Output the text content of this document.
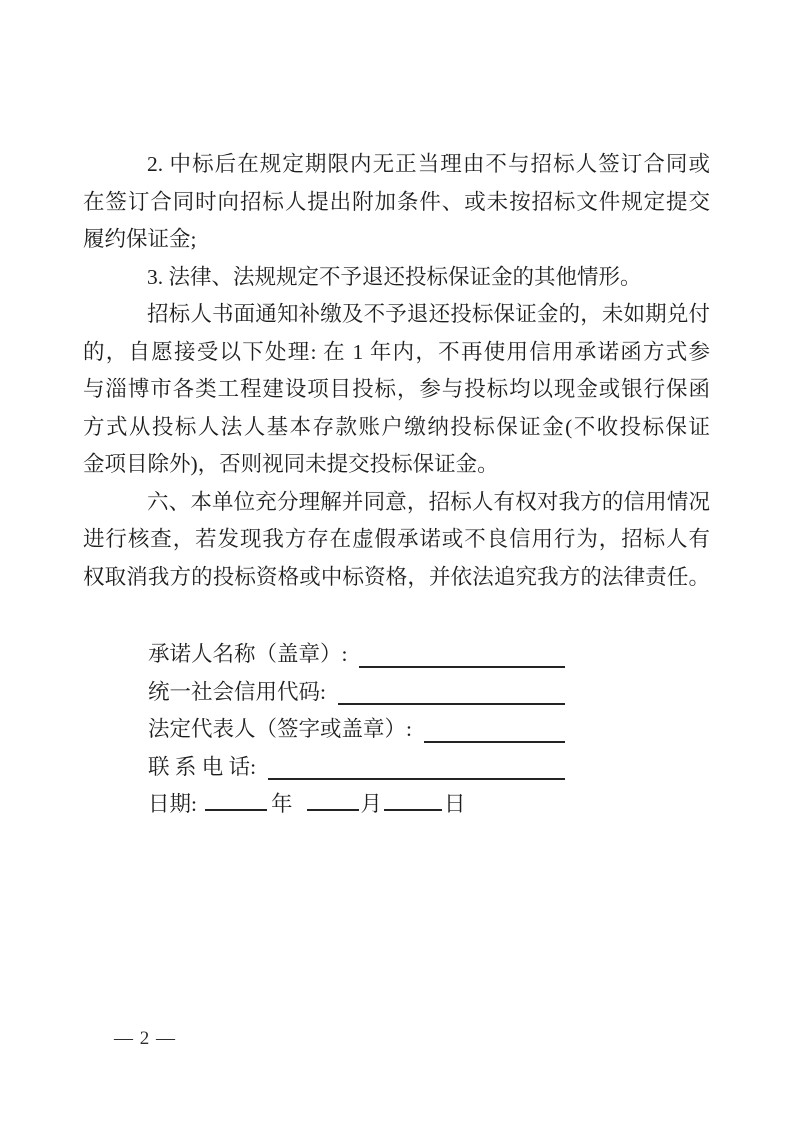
2. 中标后在规定期限内无正当理由不与招标人签订合同或
在签订合同时向招标人提出附加条件、或未按招标文件规定提交
履约保证金;
3. 法律、法规规定不予退还投标保证金的其他情形。
招标人书面通知补缴及不予退还投标保证金的，未如期兑付
的，自愿接受以下处理: 在 1 年内，不再使用信用承诺函方式参
与淄博市各类工程建设项目投标，参与投标均以现金或银行保函
方式从投标人法人基本存款账户缴纳投标保证金(不收投标保证
金项目除外)，否则视同未提交投标保证金。
六、本单位充分理解并同意，招标人有权对我方的信用情况
进行核查，若发现我方存在虚假承诺或不良信用行为，招标人有
权取消我方的投标资格或中标资格，并依法追究我方的法律责任。
承诺人名称（盖章）:
统一社会信用代码:
法定代表人（签字或盖章）:
联 系 电 话:
日期:	年	月	日
— 2 —
